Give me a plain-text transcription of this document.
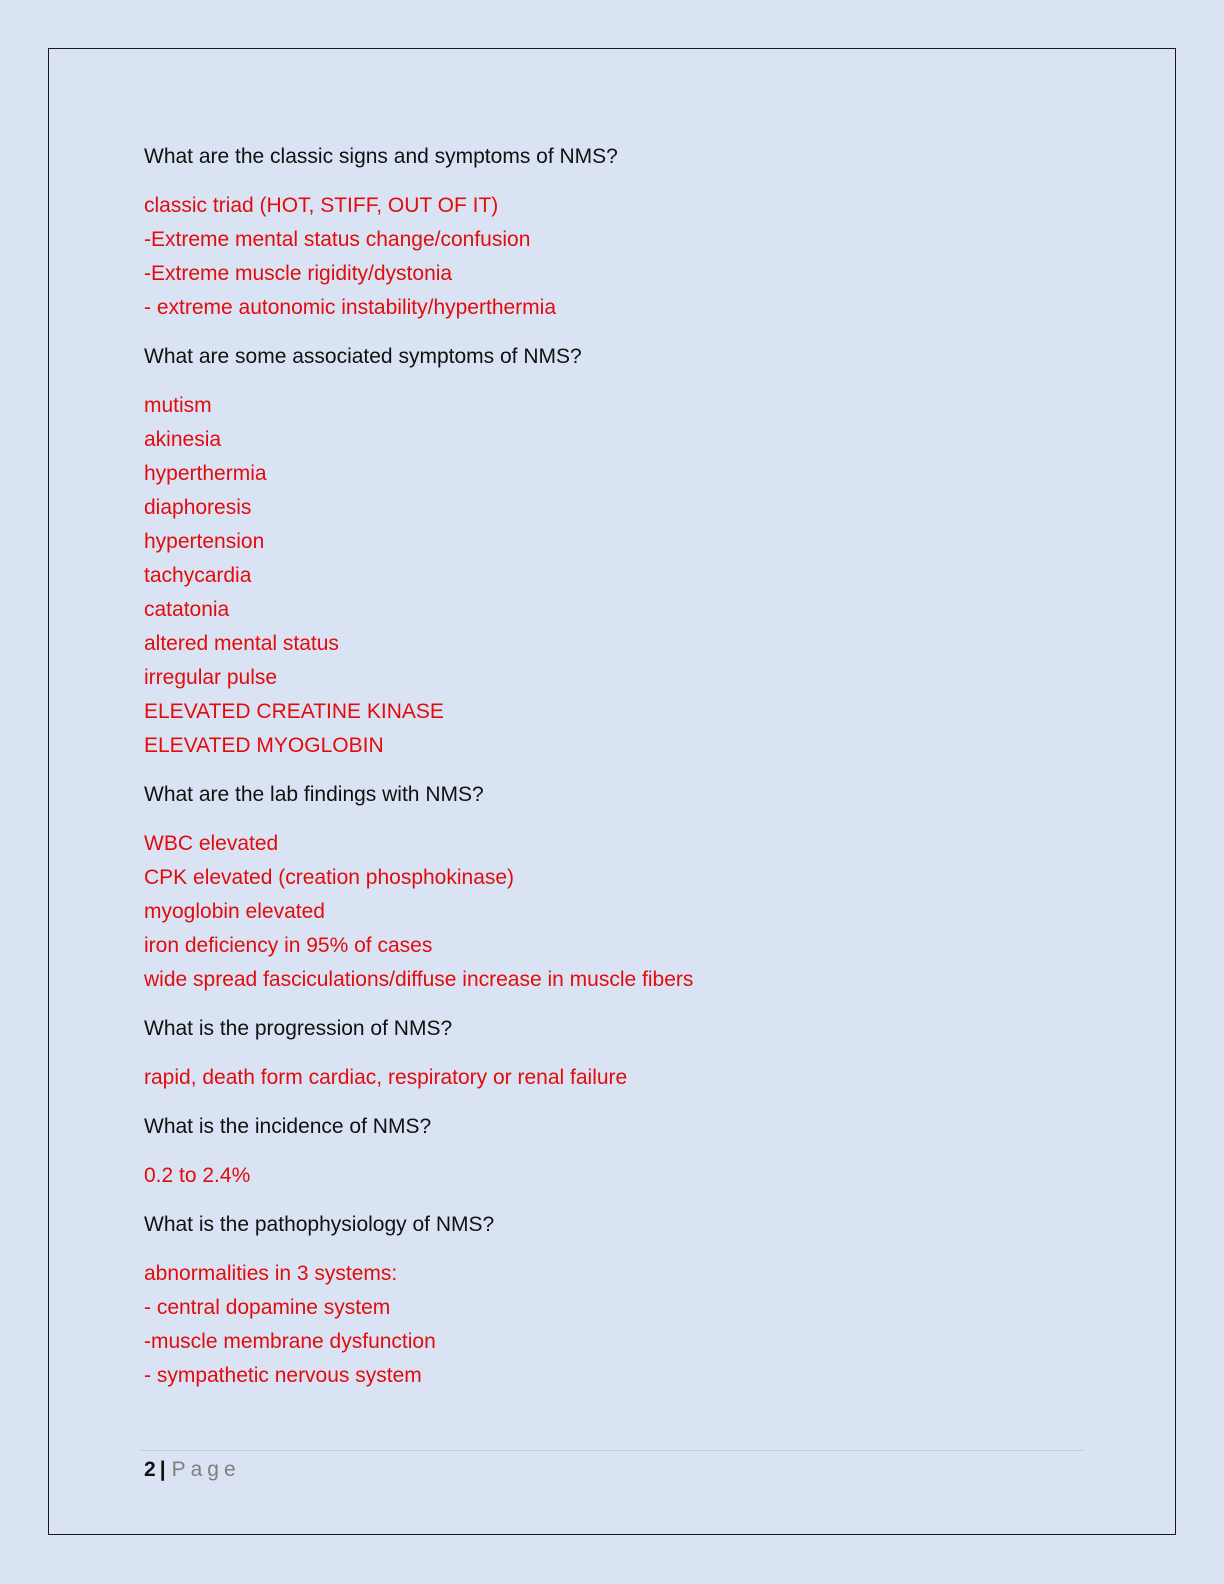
What are the classic signs and symptoms of NMS?

classic triad (HOT, STIFF, OUT OF IT)
-Extreme mental status change/confusion
-Extreme muscle rigidity/dystonia
- extreme autonomic instability/hyperthermia

What are some associated symptoms of NMS?

mutism
akinesia
hyperthermia
diaphoresis
hypertension
tachycardia
catatonia
altered mental status
irregular pulse
ELEVATED CREATINE KINASE
ELEVATED MYOGLOBIN

What are the lab findings with NMS?

WBC elevated
CPK elevated (creation phosphokinase)
myoglobin elevated
iron deficiency in 95% of cases
wide spread fasciculations/diffuse increase in muscle fibers

What is the progression of NMS?

rapid, death form cardiac, respiratory or renal failure

What is the incidence of NMS?

0.2 to 2.4%

What is the pathophysiology of NMS?

abnormalities in 3 systems:
- central dopamine system
-muscle membrane dysfunction
- sympathetic nervous system

2 | Page
